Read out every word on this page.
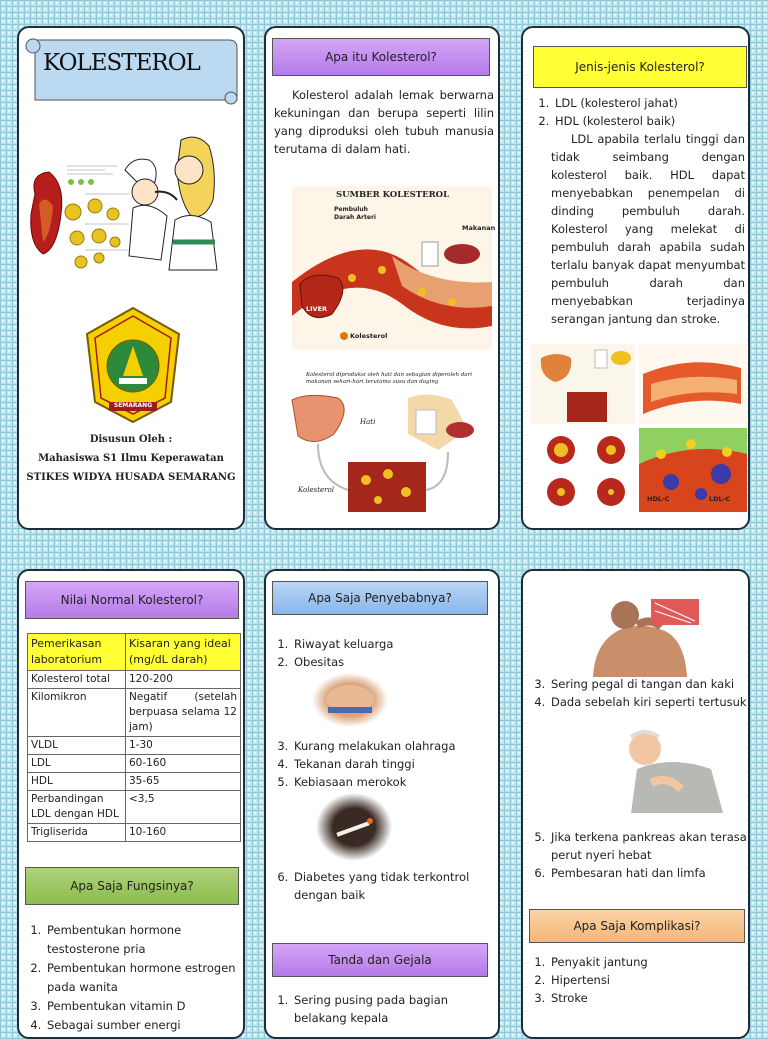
KOLESTEROL
SEMARANG
Disusun Oleh :
Mahasiswa S1 Ilmu Keperawatan
STIKES WIDYA HUSADA SEMARANG
Apa itu Kolesterol?
Kolesterol adalah lemak berwarna kekuningan dan berupa seperti lilin yang diproduksi oleh tubuh manusia terutama di dalam hati.
SUMBER KOLESTEROL
Pembuluh Darah Arteri
Makanan
LIVER
Kolesterol
Kolesterol diproduksi oleh hati dan sebagian diperoleh dari makanan sehari-hari terutama susu dan daging
Hati
Kolesterol
Jenis-jenis Kolesterol?
1. LDL (kolesterol jahat)
2. HDL (kolesterol baik)
LDL apabila terlalu tinggi dan tidak seimbang dengan kolesterol baik. HDL dapat menyebabkan penempelan di dinding pembuluh darah. Kolesterol yang melekat di pembuluh darah apabila sudah terlalu banyak dapat menyumbat pembuluh darah dan menyebabkan terjadinya serangan jantung dan stroke.
HDL-C	LDL-C
Nilai Normal Kolesterol?
Pemerikasan laboratorium	Kisaran yang ideal (mg/dL darah)
Kolesterol total	120-200
Kilomikron	Negatif (setelah berpuasa selama 12 jam)
VLDL	1-30
LDL	60-160
HDL	35-65
Perbandingan LDL dengan HDL	<3,5
Trigliserida	10-160
Apa Saja Fungsinya?
1. Pembentukan hormone testosterone pria
2. Pembentukan hormone estrogen pada wanita
3. Pembentukan vitamin D
4. Sebagai sumber energi
Apa Saja Penyebabnya?
1. Riwayat keluarga
2. Obesitas
3. Kurang melakukan olahraga
4. Tekanan darah tinggi
5. Kebiasaan merokok
6. Diabetes yang tidak terkontrol dengan baik
Tanda dan Gejala
1. Sering pusing pada bagian belakang kepala
3. Sering pegal di tangan dan kaki
4. Dada sebelah kiri seperti tertusuk
5. Jika terkena pankreas akan terasa perut nyeri hebat
6. Pembesaran hati dan limfa
Apa Saja Komplikasi?
1. Penyakit jantung
2. Hipertensi
3. Stroke
